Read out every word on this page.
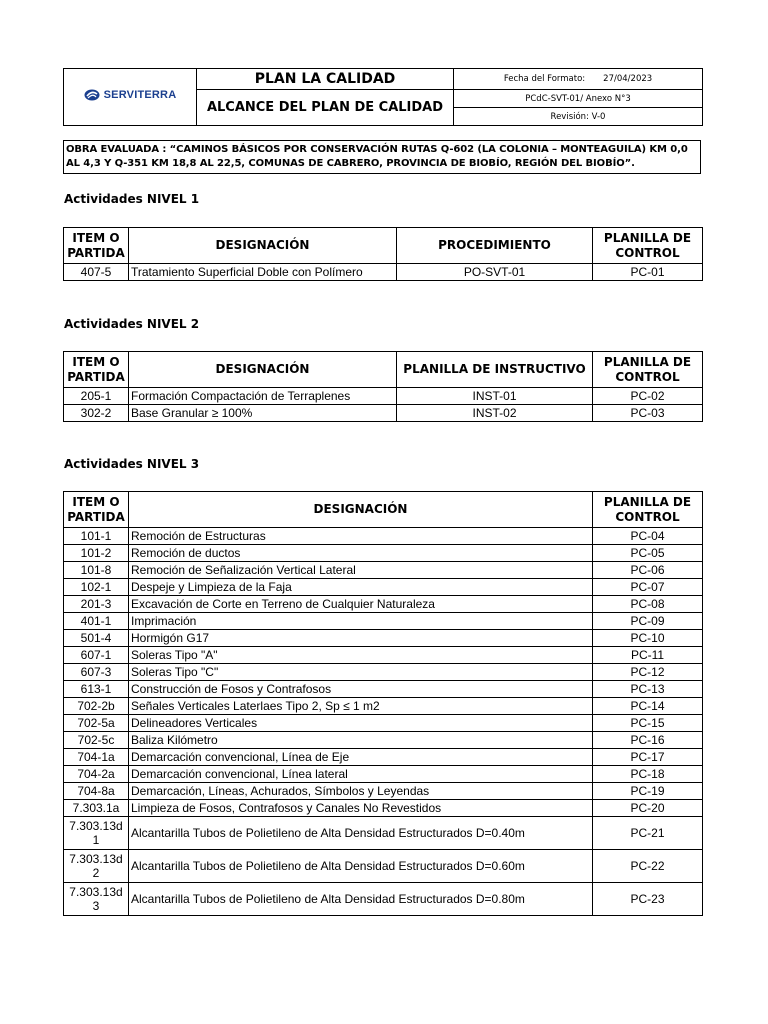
SERVITERRA	PLAN LA CALIDAD	Fecha del Formato: 27/04/2023
	ALCANCE DEL PLAN DE CALIDAD	PCdC-SVT-01/ Anexo N°3
		Revisión: V-0
OBRA EVALUADA : “CAMINOS BÁSICOS POR CONSERVACIÓN RUTAS Q-602 (LA COLONIA – MONTEAGUILA) KM 0,0 AL 4,3 Y Q-351 KM 18,8 AL 22,5, COMUNAS DE CABRERO, PROVINCIA DE BIOBÍO, REGIÓN DEL BIOBÍO”.
Actividades NIVEL 1
ITEM O PARTIDA	DESIGNACIÓN	PROCEDIMIENTO	PLANILLA DE CONTROL
407-5	Tratamiento Superficial Doble con Polímero	PO-SVT-01	PC-01
Actividades NIVEL 2
ITEM O PARTIDA	DESIGNACIÓN	PLANILLA DE INSTRUCTIVO	PLANILLA DE CONTROL
205-1	Formación Compactación de Terraplenes	INST-01	PC-02
302-2	Base Granular ≥ 100%	INST-02	PC-03
Actividades NIVEL 3
ITEM O PARTIDA	DESIGNACIÓN	PLANILLA DE CONTROL
101-1	Remoción de Estructuras	PC-04
101-2	Remoción de ductos	PC-05
101-8	Remoción de Señalización Vertical Lateral	PC-06
102-1	Despeje y Limpieza de la Faja	PC-07
201-3	Excavación de Corte en Terreno de Cualquier Naturaleza	PC-08
401-1	Imprimación	PC-09
501-4	Hormigón G17	PC-10
607-1	Soleras Tipo "A"	PC-11
607-3	Soleras Tipo "C"	PC-12
613-1	Construcción de Fosos y Contrafosos	PC-13
702-2b	Señales Verticales Laterlaes Tipo 2, Sp ≤ 1 m2	PC-14
702-5a	Delineadores Verticales	PC-15
702-5c	Baliza Kilómetro	PC-16
704-1a	Demarcación convencional, Línea de Eje	PC-17
704-2a	Demarcación convencional, Línea lateral	PC-18
704-8a	Demarcación, Líneas, Achurados, Símbolos y Leyendas	PC-19
7.303.1a	Limpieza de Fosos, Contrafosos y Canales No Revestidos	PC-20
7.303.13d 1	Alcantarilla Tubos de Polietileno de Alta Densidad Estructurados D=0.40m	PC-21
7.303.13d 2	Alcantarilla Tubos de Polietileno de Alta Densidad Estructurados D=0.60m	PC-22
7.303.13d 3	Alcantarilla Tubos de Polietileno de Alta Densidad Estructurados D=0.80m	PC-23
